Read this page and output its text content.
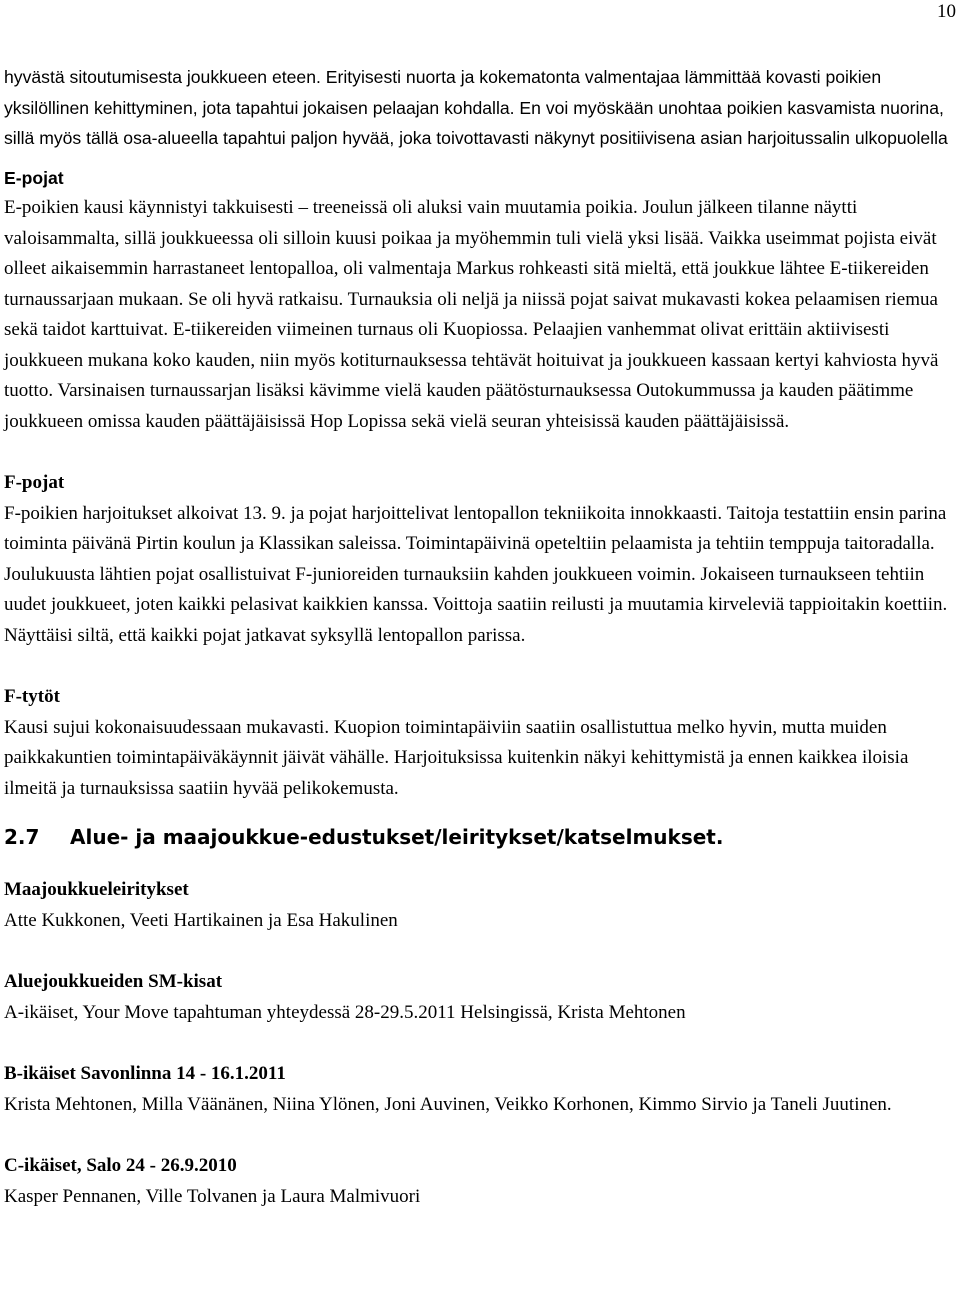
10

hyvästä sitoutumisesta joukkueen eteen. Erityisesti nuorta ja kokematonta valmentajaa lämmittää kovasti poikien yksilöllinen kehittyminen, jota tapahtui jokaisen pelaajan kohdalla. En voi myöskään unohtaa poikien kasvamista nuorina, sillä myös tällä osa-alueella tapahtui paljon hyvää, joka toivottavasti näkynyt positiivisena asian harjoitussalin ulkopuolella

E-pojat

E-poikien kausi käynnistyi takkuisesti – treeneissä oli aluksi vain muutamia poikia. Joulun jälkeen tilanne näytti valoisammalta, sillä joukkueessa oli silloin kuusi poikaa ja myöhemmin tuli vielä yksi lisää. Vaikka useimmat pojista eivät olleet aikaisemmin harrastaneet lentopalloa, oli valmentaja Markus rohkeasti sitä mieltä, että joukkue lähtee E-tiikereiden turnaussarjaan mukaan. Se oli hyvä ratkaisu. Turnauksia oli neljä ja niissä pojat saivat mukavasti kokea pelaamisen riemua sekä taidot karttuivat. E-tiikereiden viimeinen turnaus oli Kuopiossa. Pelaajien vanhemmat olivat erittäin aktiivisesti joukkueen mukana koko kauden, niin myös kotiturnauksessa tehtävät hoituivat ja joukkueen kassaan kertyi kahviosta hyvä tuotto. Varsinaisen turnaussarjan lisäksi kävimme vielä kauden päätösturnauksessa Outokummussa ja kauden päätimme joukkueen omissa kauden päättäjäisissä Hop Lopissa sekä vielä seuran yhteisissä kauden päättäjäisissä.

F-pojat

F-poikien harjoitukset alkoivat 13. 9. ja pojat harjoittelivat lentopallon tekniikoita innokkaasti. Taitoja testattiin ensin parina toiminta päivänä Pirtin koulun ja Klassikan saleissa. Toimintapäivinä opeteltiin pelaamista ja tehtiin temppuja taitoradalla. Joulukuusta lähtien pojat osallistuivat F-junioreiden turnauksiin kahden joukkueen voimin. Jokaiseen turnaukseen tehtiin uudet joukkueet, joten kaikki pelasivat kaikkien kanssa. Voittoja saatiin reilusti ja muutamia kirveleviä tappioitakin koettiin. Näyttäisi siltä, että kaikki pojat jatkavat syksyllä lentopallon parissa.

F-tytöt

Kausi sujui kokonaisuudessaan mukavasti. Kuopion toimintapäiviin saatiin osallistuttua melko hyvin, mutta muiden paikkakuntien toimintapäiväkäynnit jäivät vähälle. Harjoituksissa kuitenkin näkyi kehittymistä ja ennen kaikkea iloisia ilmeitä ja turnauksissa saatiin hyvää pelikokemusta.

2.7 Alue- ja maajoukkue-edustukset/leiritykset/katselmukset.
Maajoukkueleiritykset

Atte Kukkonen, Veeti Hartikainen ja Esa Hakulinen

Aluejoukkueiden SM-kisat

A-ikäiset, Your Move tapahtuman yhteydessä 28-29.5.2011 Helsingissä, Krista Mehtonen

B-ikäiset Savonlinna 14 - 16.1.2011

Krista Mehtonen, Milla Väänänen, Niina Ylönen, Joni Auvinen, Veikko Korhonen, Kimmo Sirvio ja Taneli Juutinen.

C-ikäiset, Salo 24 - 26.9.2010

Kasper Pennanen, Ville Tolvanen ja Laura Malmivuori
